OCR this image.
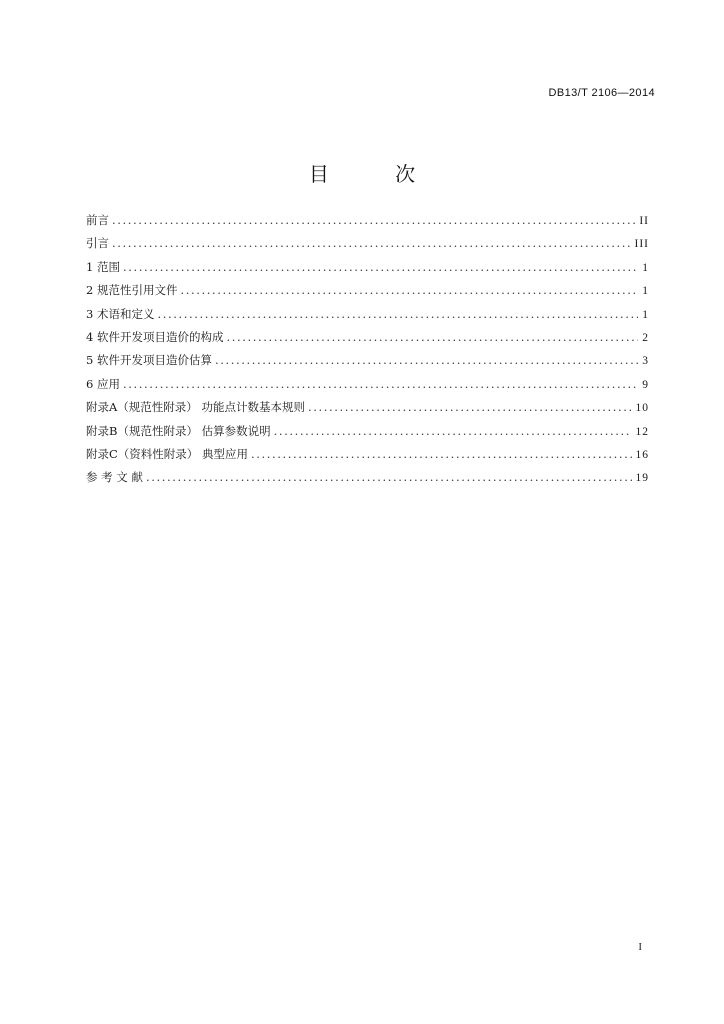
DB13/T 2106—2014
目 次
前言 .....	II
引言 .....	III
1 范围 .....	1
2 规范性引用文件 .....	1
3 术语和定义 .....	1
4 软件开发项目造价的构成 .....	2
5 软件开发项目造价估算 .....	3
6 应用 .....	9
附录A（规范性附录） 功能点计数基本规则 .....	10
附录B（规范性附录） 估算参数说明 .....	12
附录C（资料性附录） 典型应用 .....	16
参 考 文 献 .....	19
I
